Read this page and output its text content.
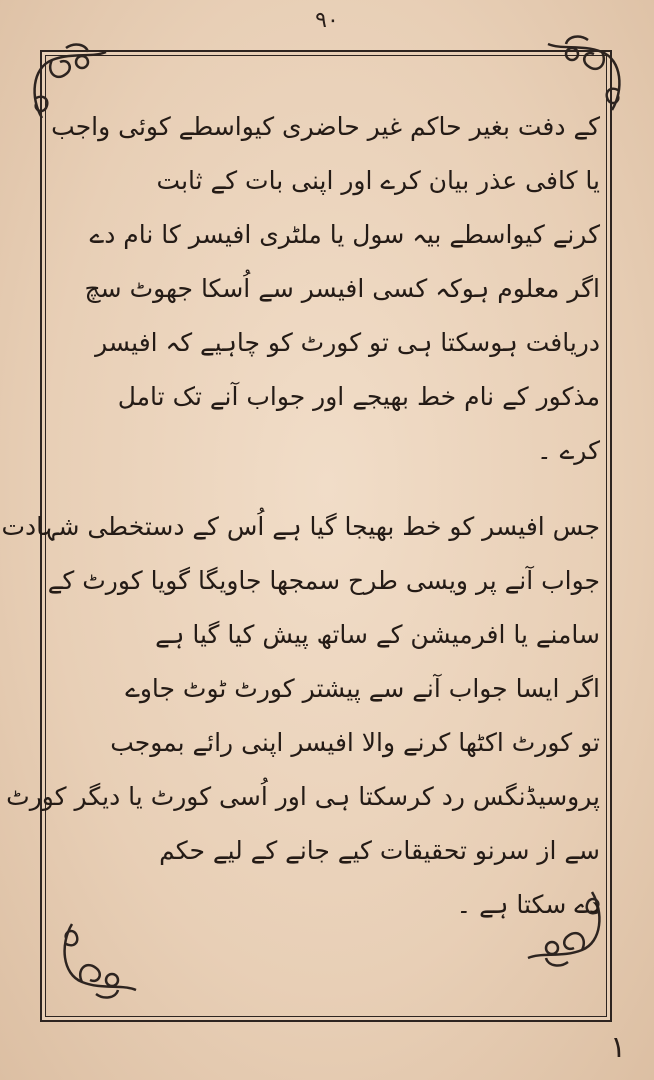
۹۰
کے دفت بغیر حاکم غیر حاضری کیواسطے کوئی واجب
یا کافی عذر بیان کرے اور اپنی بات کے ثابت
کرنے کیواسطے بیہ سول یا ملٹری افیسر کا نام دے
اگر معلوم ہوکہ کسی افیسر سے اُسکا جھوٹ سچ
دریافت ہوسکتا ہی تو کورٹ کو چاہیے کہ افیسر
مذکور کے نام خط بھیجے اور جواب آنے تک تامل
کرے ۔
جس افیسر کو خط بھیجا گیا ہے اُس کے دستخطی شہادت
جواب آنے پر ویسی طرح سمجھا جاویگا گویا کورٹ کے
سامنے یا افرمیشن کے ساتھ پیش کیا گیا ہے
اگر ایسا جواب آنے سے پیشتر کورٹ ٹوٹ جاوے
تو کورٹ اکٹھا کرنے والا افیسر اپنی رائے بموجب
پروسیڈنگس رد کرسکتا ہی اور اُسی کورٹ یا دیگر کورٹ
سے از سرنو تحقیقات کیے جانے کے لیے حکم
دے سکتا ہے ۔
۱
